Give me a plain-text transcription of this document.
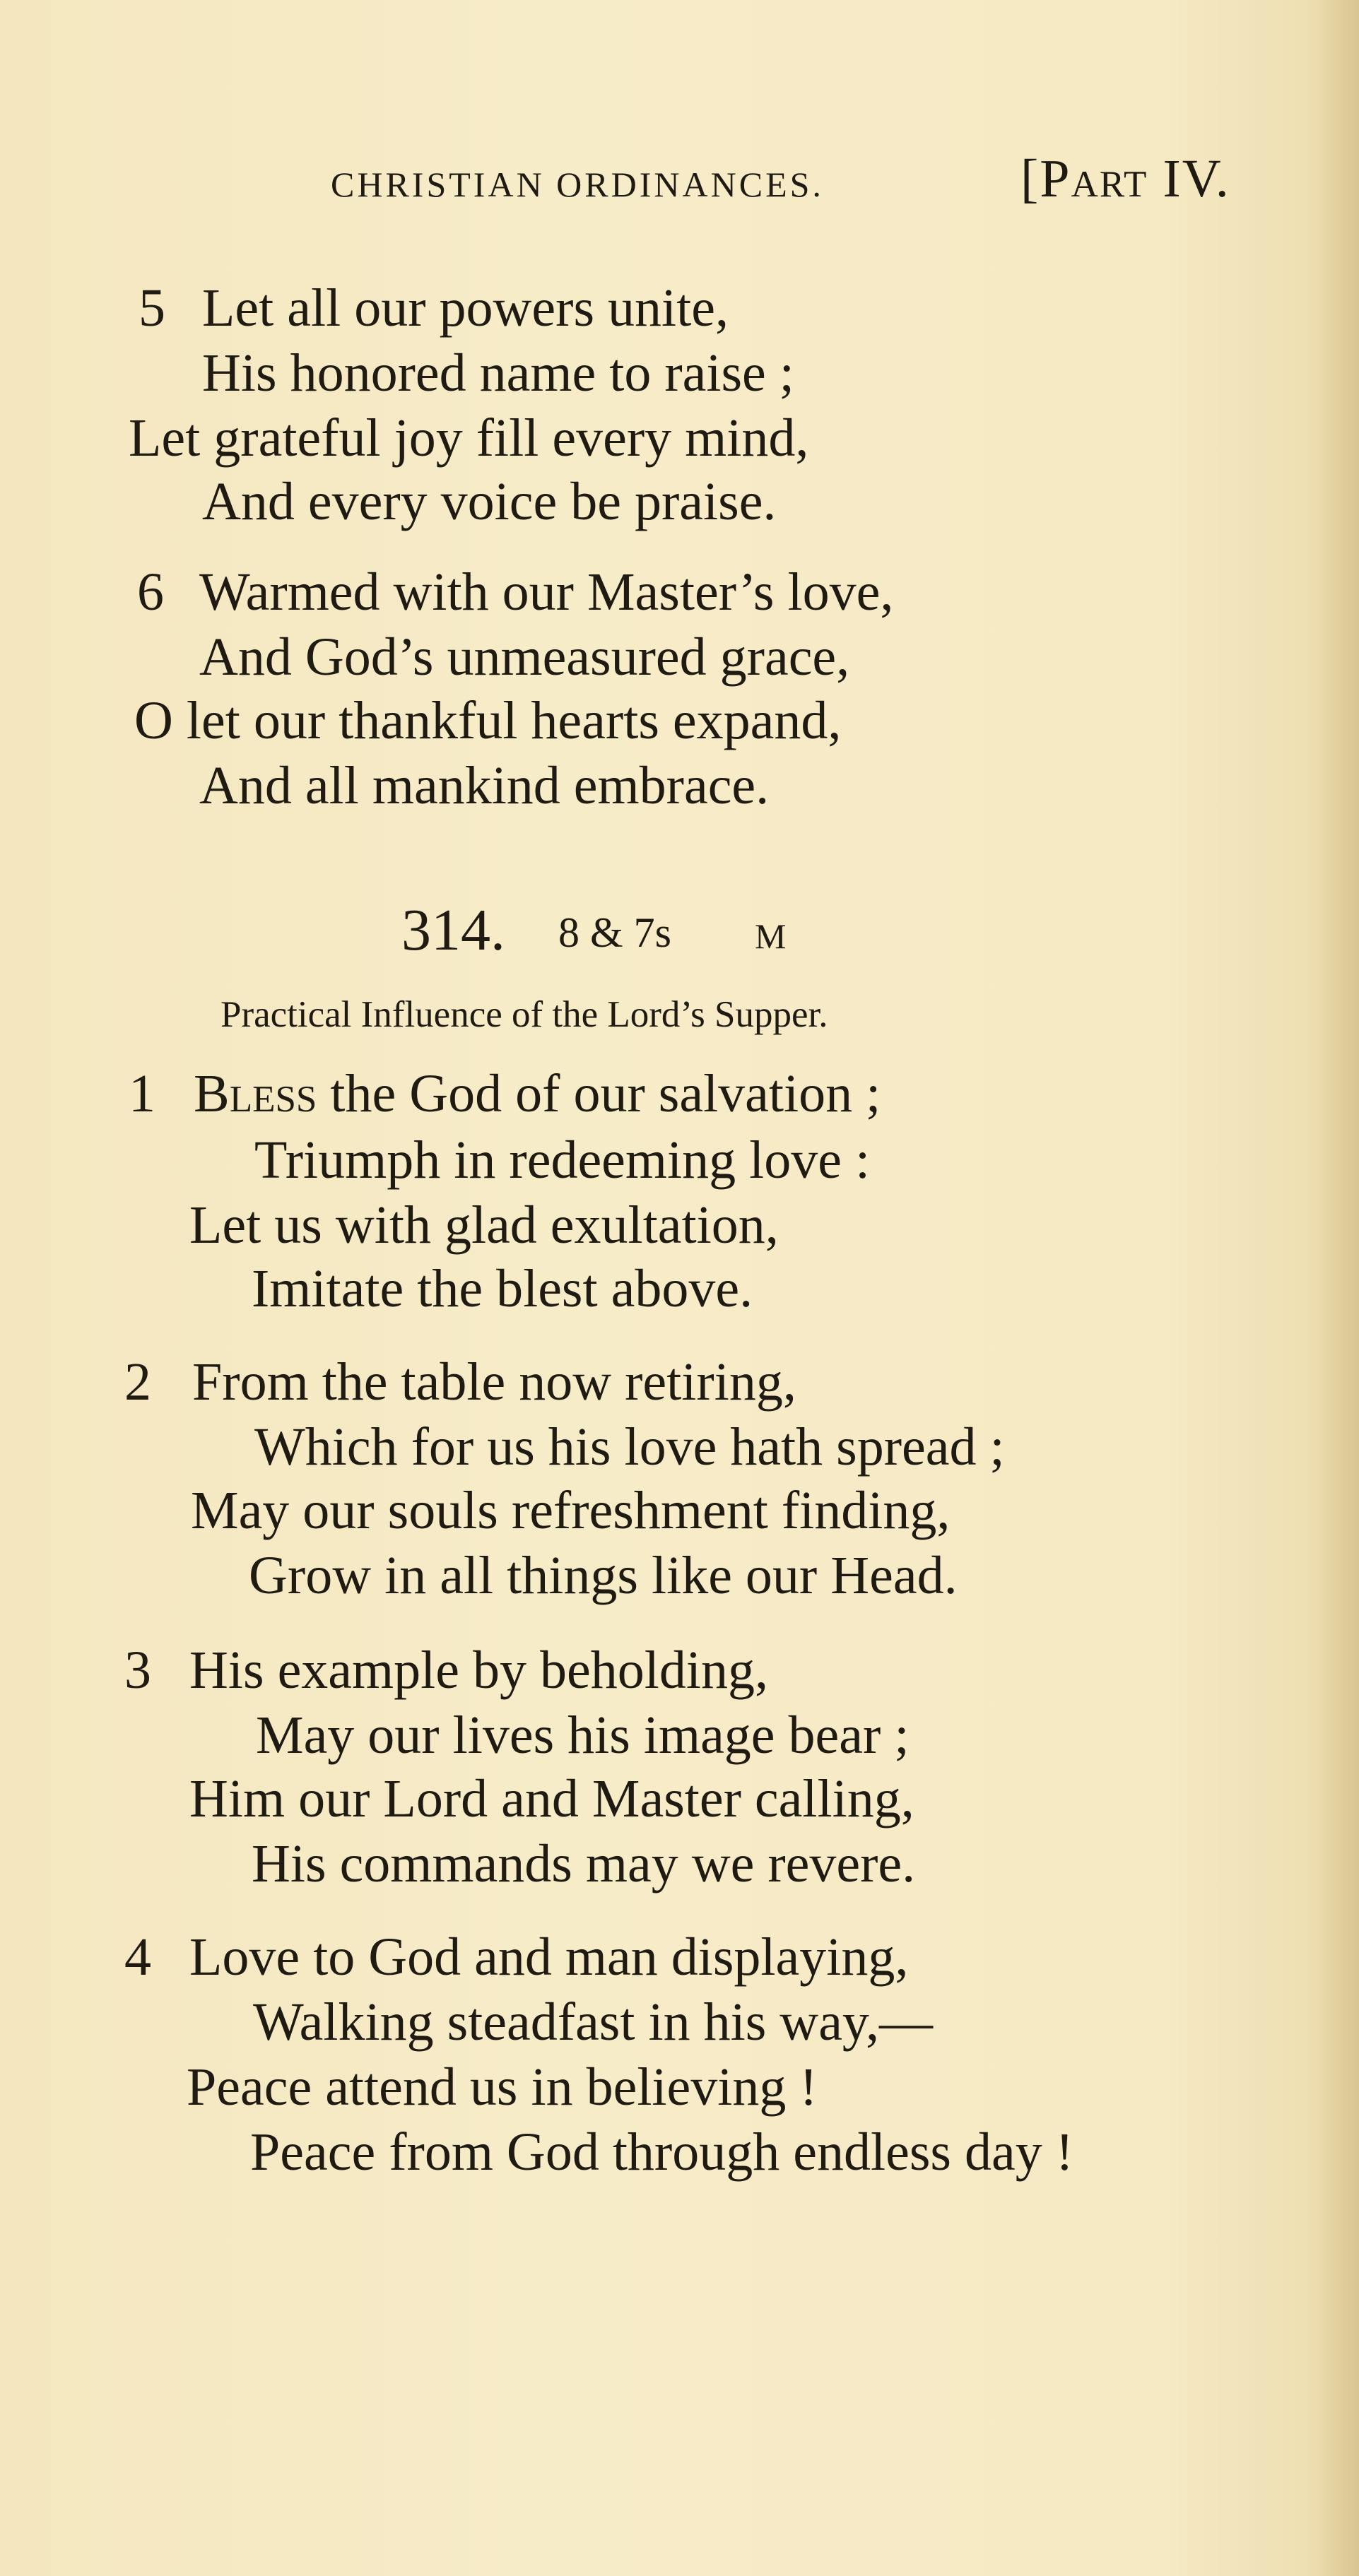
CHRISTIAN ORDINANCES.	[Part IV.
5 Let all our powers unite,
His honored name to raise ;
Let grateful joy fill every mind,
And every voice be praise.
6 Warmed with our Master’s love,
And God’s unmeasured grace,
O let our thankful hearts expand,
And all mankind embrace.
314. 8 & 7s M
Practical Influence of the Lord’s Supper.
1 Bless the God of our salvation ;
Triumph in redeeming love :
Let us with glad exultation,
Imitate the blest above.
2 From the table now retiring,
Which for us his love hath spread ;
May our souls refreshment finding,
Grow in all things like our Head.
3 His example by beholding,
May our lives his image bear ;
Him our Lord and Master calling,
His commands may we revere.
4 Love to God and man displaying,
Walking steadfast in his way,—
Peace attend us in believing !
Peace from God through endless day !
